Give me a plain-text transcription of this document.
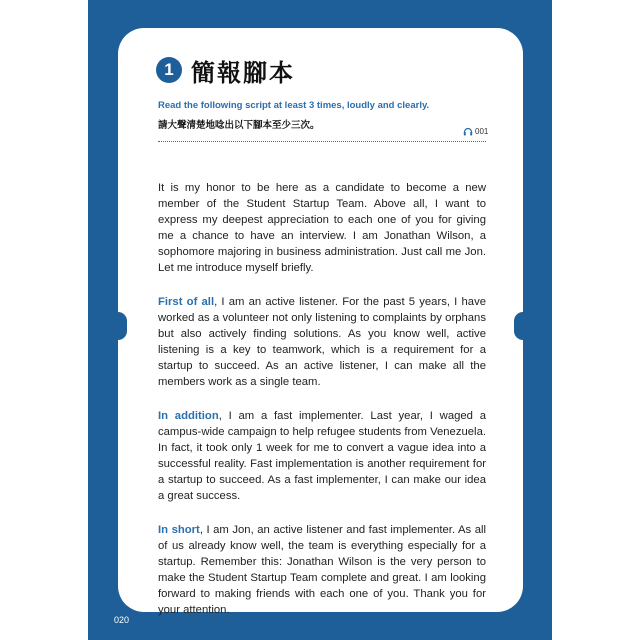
1 簡報腳本
Read the following script at least 3 times, loudly and clearly.
請大聲清楚地唸出以下腳本至少三次。
001

It is my honor to be here as a candidate to become a new member of the Student Startup Team. Above all, I want to express my deepest appreciation to each one of you for giving me a chance to have an interview. I am Jonathan Wilson, a sophomore majoring in business administration. Just call me Jon. Let me introduce myself briefly.

First of all, I am an active listener. For the past 5 years, I have worked as a volunteer not only listening to complaints by orphans but also actively finding solutions. As you know well, active listening is a key to teamwork, which is a requirement for a startup to succeed. As an active listener, I can make all the members work as a single team.

In addition, I am a fast implementer. Last year, I waged a campus-wide campaign to help refugee students from Venezuela. In fact, it took only 1 week for me to convert a vague idea into a successful reality. Fast implementation is another requirement for a startup to succeed. As a fast implementer, I can make our idea a great success.

In short, I am Jon, an active listener and fast implementer. As all of us already know well, the team is everything especially for a startup. Remember this: Jonathan Wilson is the very person to make the Student Startup Team complete and great. I am looking forward to making friends with each one of you. Thank you for your attention.

020
